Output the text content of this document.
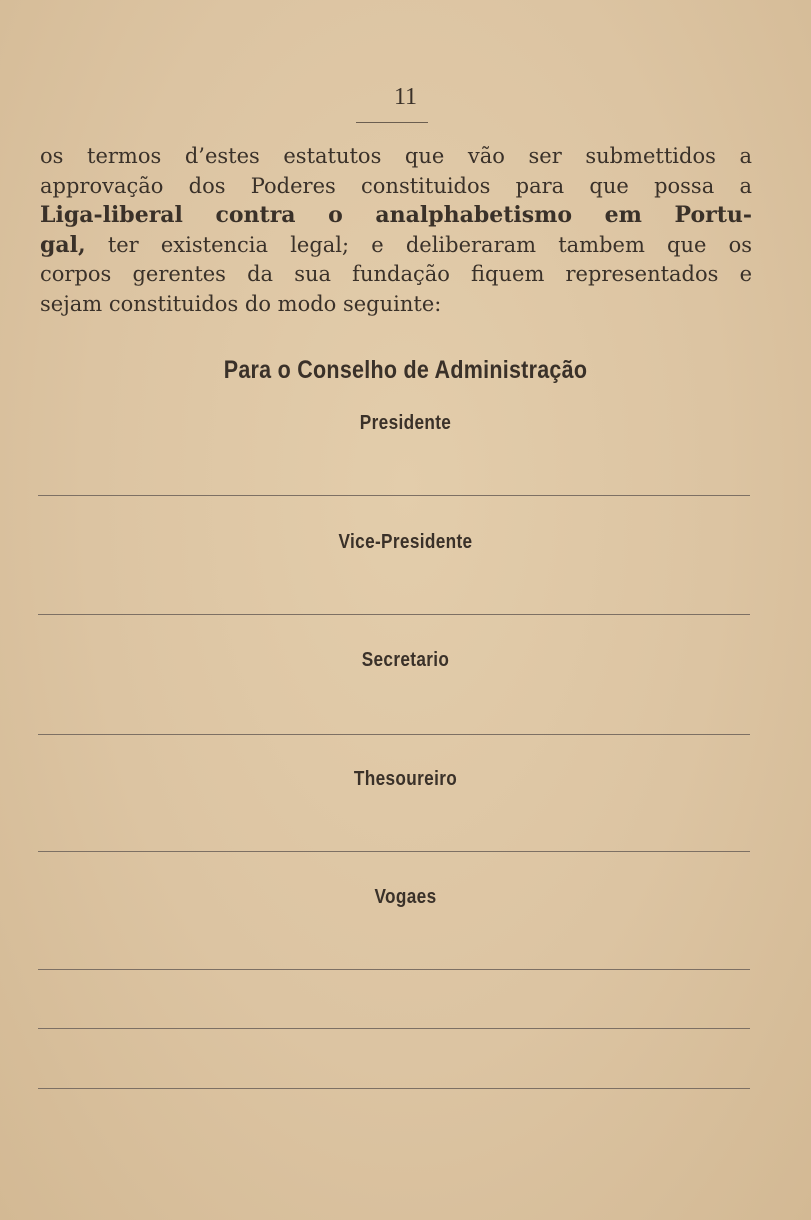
11
os termos d’estes estatutos que vão ser submettidos a
approvação dos Poderes constituidos para que possa a
Liga-liberal contra o analphabetismo em Portu-
gal, ter existencia legal; e deliberaram tambem que os
corpos gerentes da sua fundação fiquem representados e
sejam constituidos do modo seguinte:
Para o Conselho de Administração
Presidente
Vice-Presidente
Secretario
Thesoureiro
Vogaes
